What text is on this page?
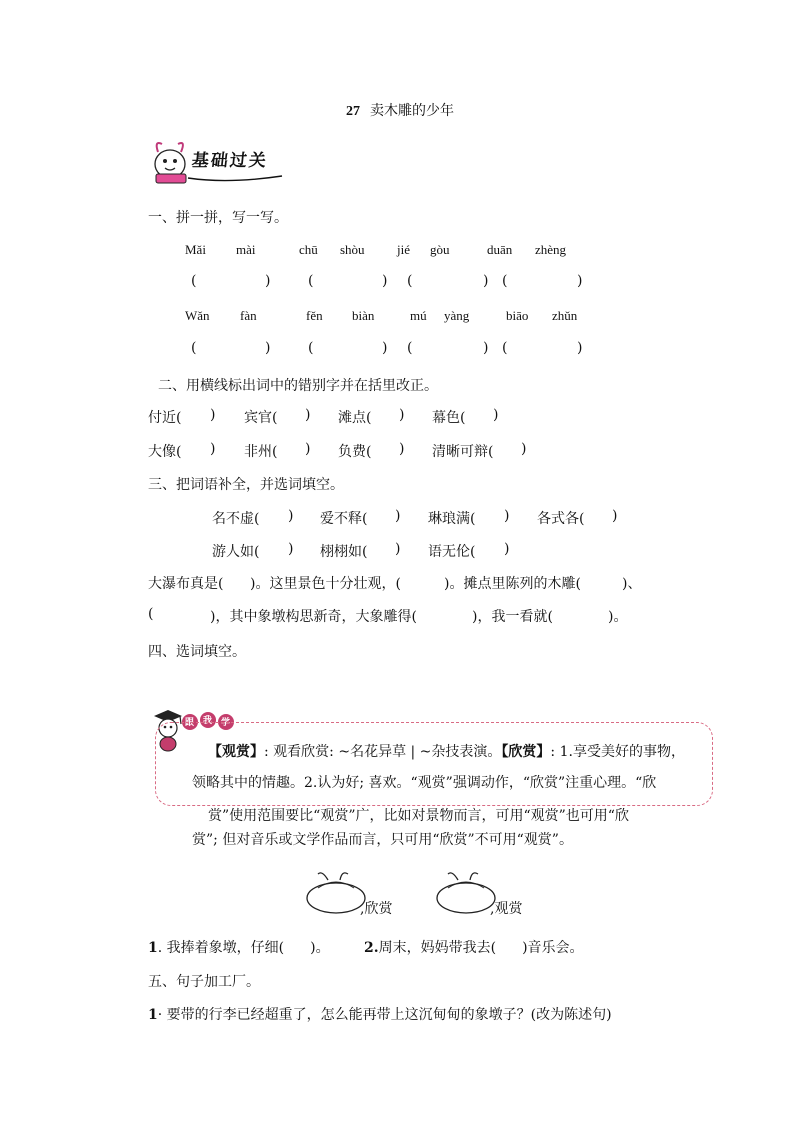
27 卖木雕的少年
基础过关
一、拼一拼，写一写。
Mǎi mài	chū shòu jié gòu	duān zhèng
(	)	(	) (	) (	)
Wǎn fàn	fěn biàn	mú yàng	biāo zhǔn
(	)	(	) (	) (	)
二、用横线标出词中的错别字并在括里改正。
付近( ) 宾官( ) 滩点( ) 幕色( )
大像( ) 非州( ) 负费( ) 清晰可辩( )
三、把词语补全，并选词填空。
名不虚( ) 爱不释( ) 琳琅满( ) 各式各( )
游人如( ) 栩栩如( ) 语无伦( )
大瀑布真是( )。这里景色十分壮观，(	)。摊点里陈列的木雕(	)、
(	)，其中象墩构思新奇，大象雕得(	)，我一看就(	)。
四、选词填空。
跟 我 学
【观赏】: 观看欣赏: ~名花异草 | ~杂技表演。【欣赏】: 1.享受美好的事物，
领略其中的情趣。2.认为好; 喜欢。“观赏”强调动作，“欣赏”注重心理。“欣
赏”使用范围要比“观赏”广，比如对景物而言，可用“观赏”也可用“欣
赏”; 但对音乐或文学作品而言，只可用“欣赏”不可用“观赏”。
,欣赏	,观赏
1. 我捧着象墩，仔细( )。 2.周末，妈妈带我去( )音乐会。
五、句子加工厂。
1· 要带的行李已经超重了，怎么能再带上这沉甸甸的象墩子？(改为陈述句)
